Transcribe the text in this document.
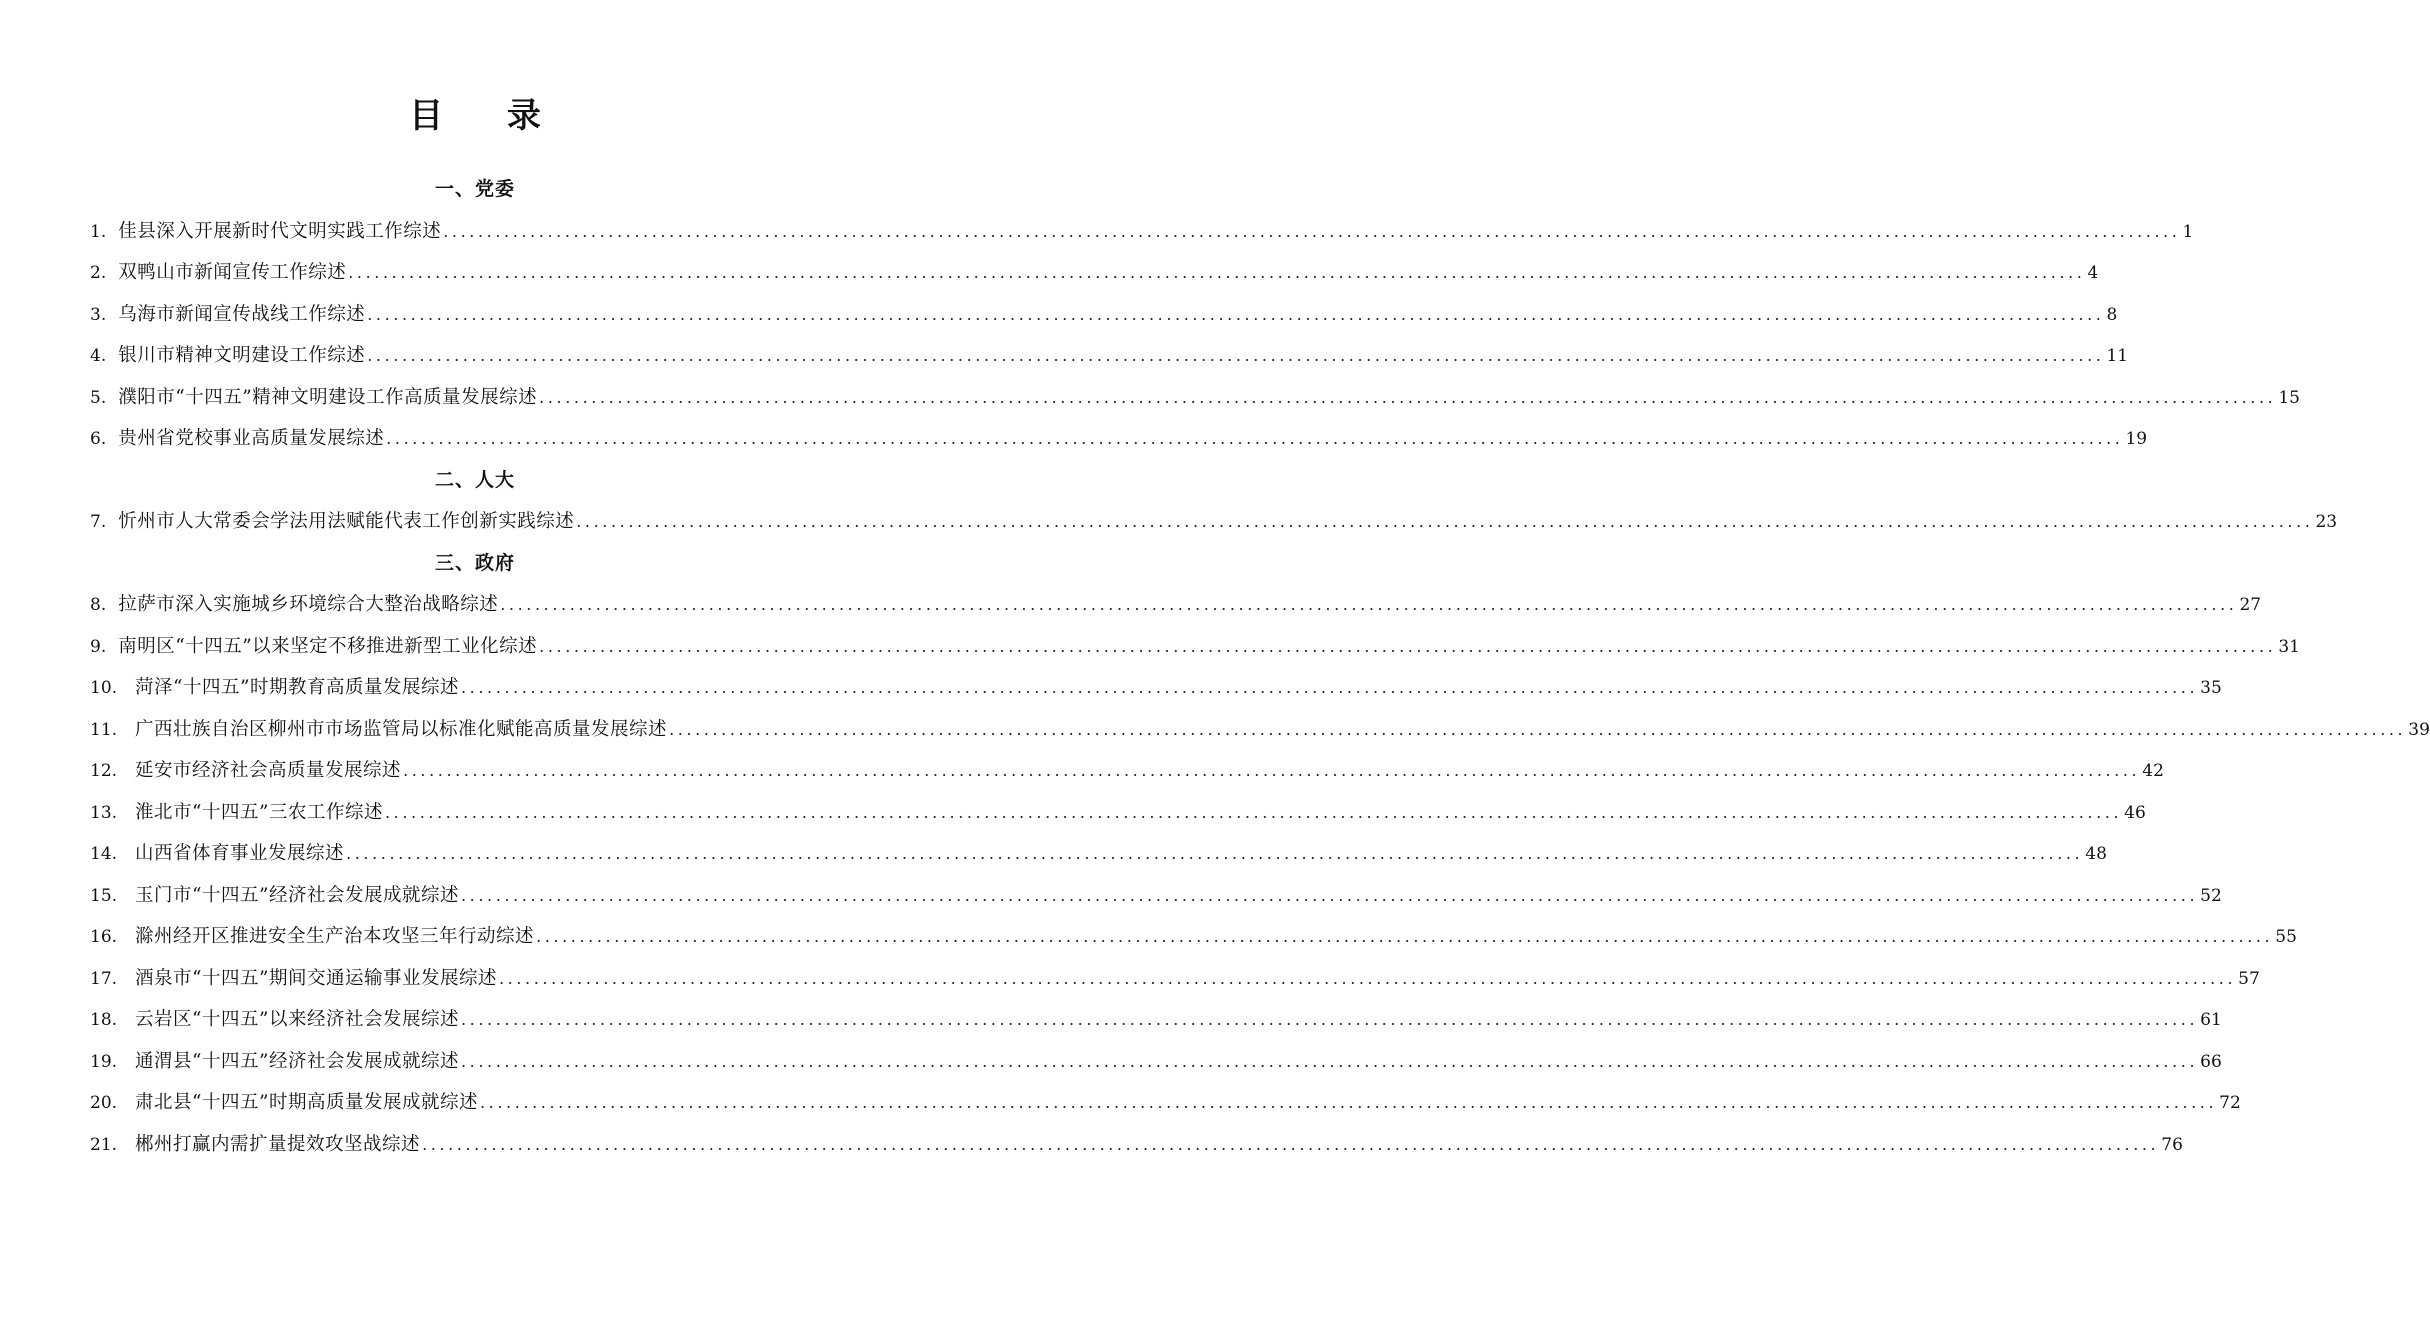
目 录
一、党委
1. 佳县深入开展新时代文明实践工作综述 ........................................................................................................................................................................................................ 1
2. 双鸭山市新闻宣传工作综述 ........................................................................................................................................................................................................ 4
3. 乌海市新闻宣传战线工作综述 ........................................................................................................................................................................................................ 8
4. 银川市精神文明建设工作综述 ........................................................................................................................................................................................................ 11
5. 濮阳市“十四五”精神文明建设工作高质量发展综述 ........................................................................................................................................................................................................ 15
6. 贵州省党校事业高质量发展综述 ........................................................................................................................................................................................................ 19
二、人大
7. 忻州市人大常委会学法用法赋能代表工作创新实践综述 ........................................................................................................................................................................................................ 23
三、政府
8. 拉萨市深入实施城乡环境综合大整治战略综述 ........................................................................................................................................................................................................ 27
9. 南明区“十四五”以来坚定不移推进新型工业化综述 ........................................................................................................................................................................................................ 31
10. 菏泽“十四五”时期教育高质量发展综述 ........................................................................................................................................................................................................ 35
11. 广西壮族自治区柳州市市场监管局以标准化赋能高质量发展综述 ........................................................................................................................................................................................................ 39
12. 延安市经济社会高质量发展综述 ........................................................................................................................................................................................................ 42
13. 淮北市“十四五”三农工作综述 ........................................................................................................................................................................................................ 46
14. 山西省体育事业发展综述 ........................................................................................................................................................................................................ 48
15. 玉门市“十四五”经济社会发展成就综述 ........................................................................................................................................................................................................ 52
16. 滁州经开区推进安全生产治本攻坚三年行动综述 ........................................................................................................................................................................................................ 55
17. 酒泉市“十四五”期间交通运输事业发展综述 ........................................................................................................................................................................................................ 57
18. 云岩区“十四五”以来经济社会发展综述 ........................................................................................................................................................................................................ 61
19. 通渭县“十四五”经济社会发展成就综述 ........................................................................................................................................................................................................ 66
20. 肃北县“十四五”时期高质量发展成就综述 ........................................................................................................................................................................................................ 72
21. 郴州打赢内需扩量提效攻坚战综述 ........................................................................................................................................................................................................ 76
